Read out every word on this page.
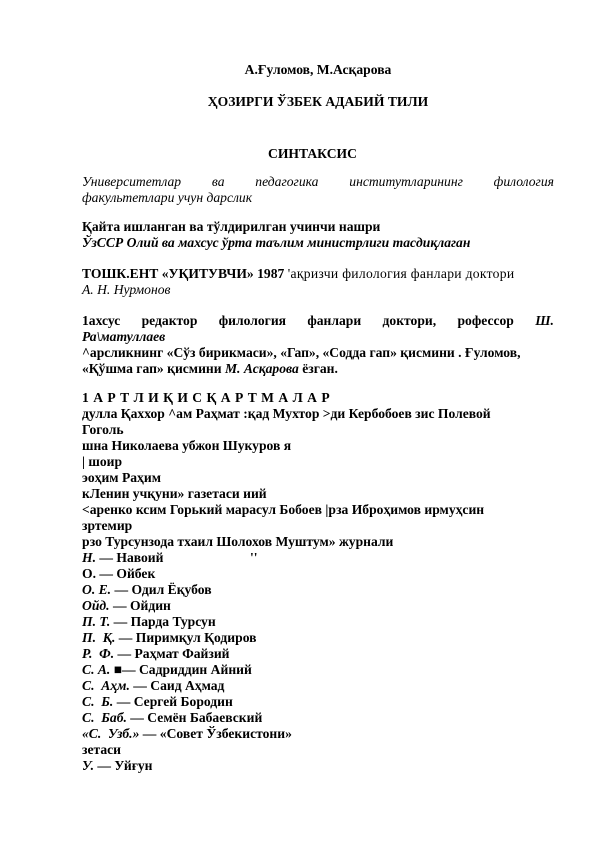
А.Ғуломов, М.Асқарова
ҲОЗИРГИ ЎЗБЕК АДАБИЙ ТИЛИ
СИНТАКСИС
Университетлар ва педагогика институтларининг филология
факультетлари учун дарслик
Қайта ишланган ва тўлдирилган учинчи нашри
ЎзССР Олий ва махсус ўрта таълим министрлиги тасдиқлаган
ТОШК.ЕНТ «УҚИТУВЧИ» 1987 'ақризчи филология фанлари доктори
А. Н. Нурмонов
1ахсус редактор филология фанлари доктори, рофессор Ш.
Ра\матуллаев
^арсликнинг «Сўз бирикмаси», «Гап», «Содда гап» қисмини . Ғуломов,
«Қўшма гап» қисмини М. Асқарова ёзган.
1 А Р Т Л И Қ И С Қ А Р Т М А Л А Р
дулла Қаххор ^ам Раҳмат :қад Мухтор >ди Кербобоев зис Полевой
Гоголь
шна Николаева убжон Шукуров я
| шоир
эоҳим Раҳим
кЛенин учқуни» газетаси иий
<аренко ксим Горький марасул Бобоев |рза Иброҳимов ирмуҳсин
зртемир
рзо Турсунзода тхаил Шолохов Муштум» журнали
Н. — Навоий	''
О. — Ойбек
О. Е. — Одил Ёқубов
Ойд. — Ойдин
П. Т. — Парда Турсун
П.  Қ. — Пиримқул Қодиров
Р.  Ф. — Раҳмат Файзий
С. А. ■— Садриддин Айний
С.  Аҳм. — Саид Аҳмад
С.  Б. — Сергей Бородин
С.  Баб. — Семён Бабаевский
«С.  Узб.» — «Совет Ўзбекистони»
зетаси
У. — Уйғун
